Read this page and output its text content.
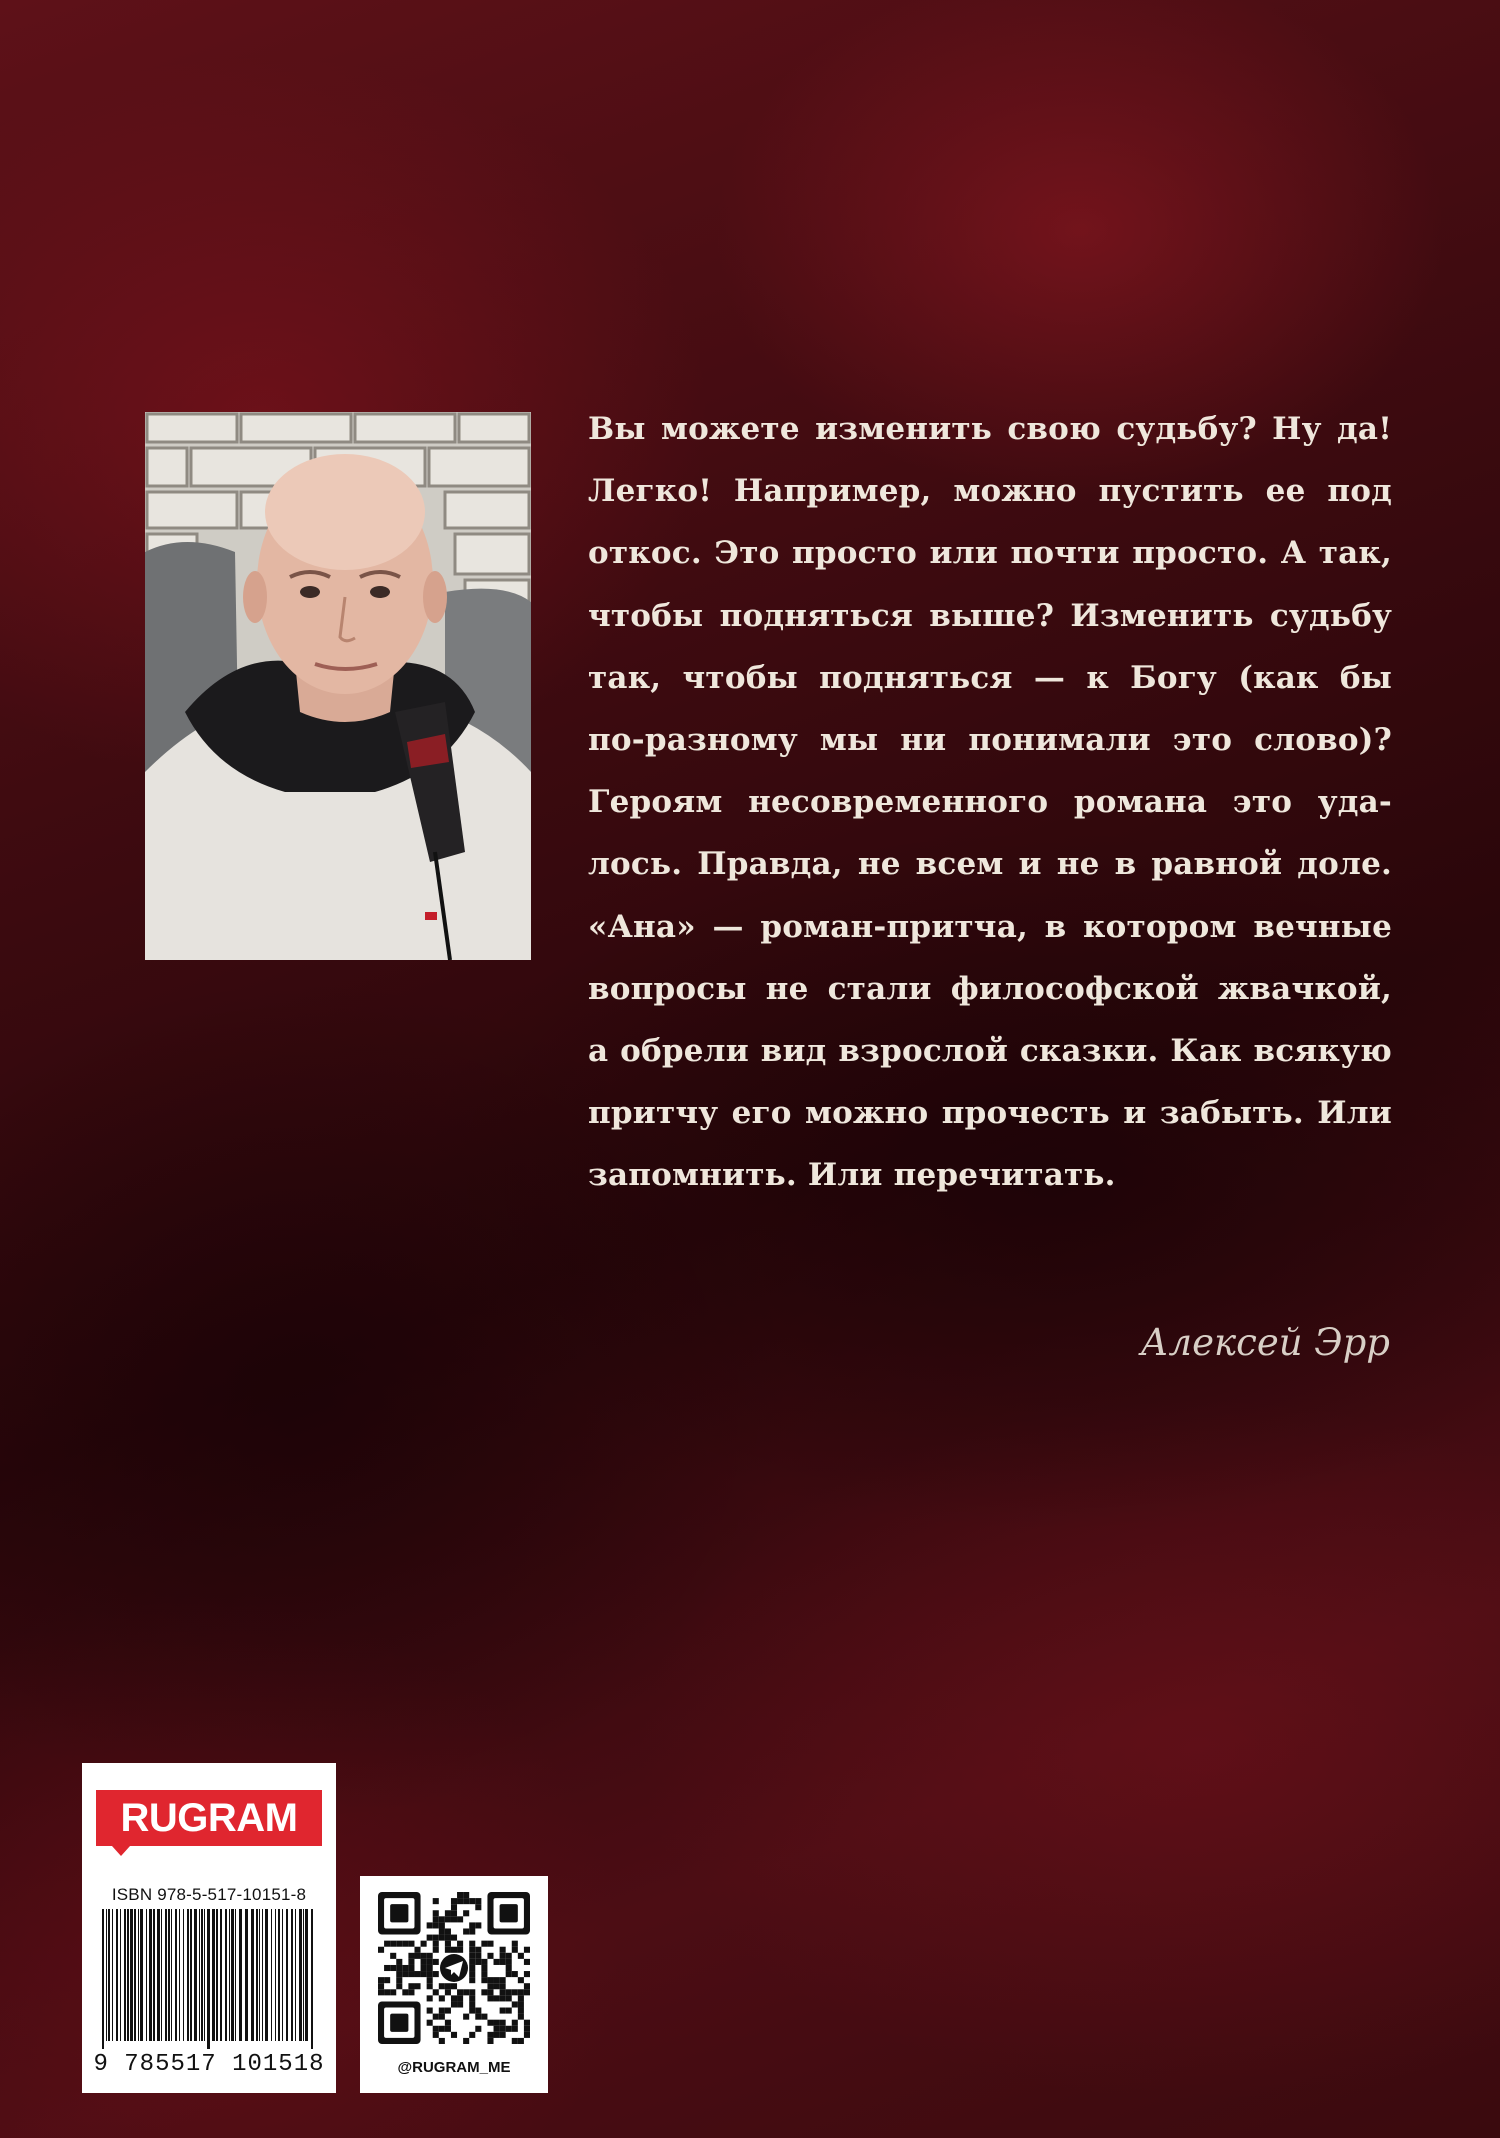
Вы можете изменить свою судьбу? Ну да!
Легко! Например, можно пустить ее под
откос. Это просто или почти просто. А так,
чтобы подняться выше? Изменить судьбу
так, чтобы подняться — к Богу (как бы
по-разному мы ни понимали это слово)?
Героям несовременного романа это уда-
лось. Правда, не всем и не в равной доле.
«Ана» — роман-притча, в котором вечные
вопросы не стали философской жвачкой,
а обрели вид взрослой сказки. Как всякую
притчу его можно прочесть и забыть. Или
запомнить. Или перечитать.
Алексей Эрр
RUGRAM
ISBN 978-5-517-10151-8
9 785517 101518	@RUGRAM_ME
